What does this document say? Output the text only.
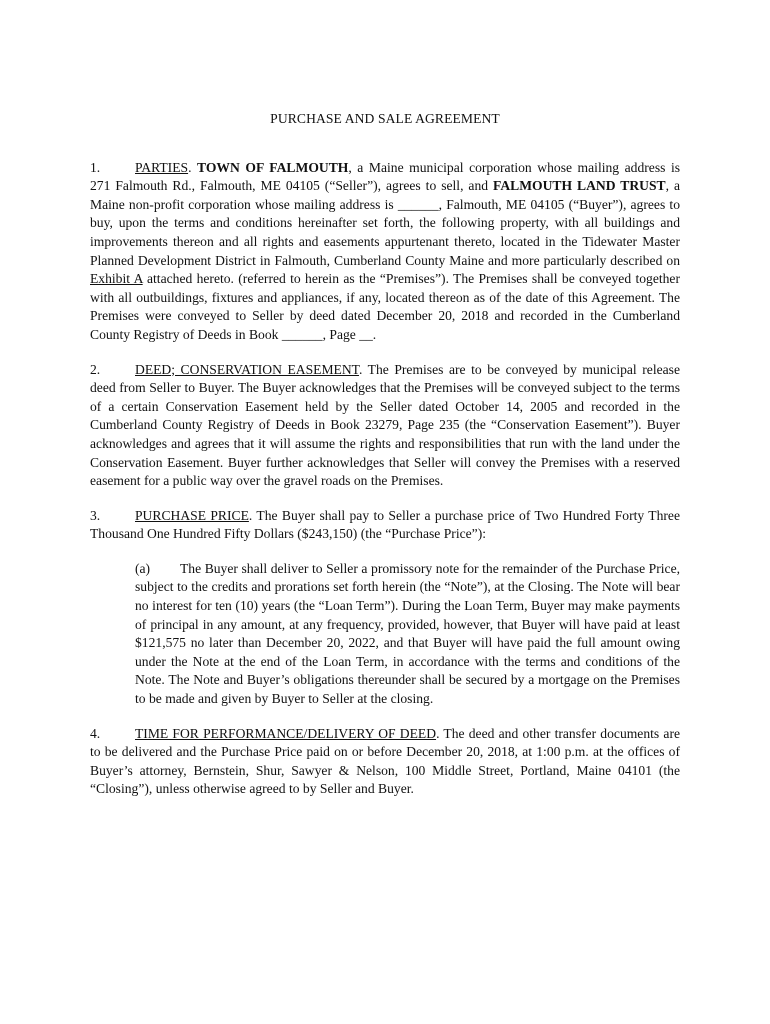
PURCHASE AND SALE AGREEMENT
1.	PARTIES. TOWN OF FALMOUTH, a Maine municipal corporation whose mailing address is 271 Falmouth Rd., Falmouth, ME 04105 (“Seller”), agrees to sell, and FALMOUTH LAND TRUST, a Maine non-profit corporation whose mailing address is ______, Falmouth, ME 04105 (“Buyer”), agrees to buy, upon the terms and conditions hereinafter set forth, the following property, with all buildings and improvements thereon and all rights and easements appurtenant thereto, located in the Tidewater Master Planned Development District in Falmouth, Cumberland County Maine and more particularly described on Exhibit A attached hereto. (referred to herein as the “Premises”). The Premises shall be conveyed together with all outbuildings, fixtures and appliances, if any, located thereon as of the date of this Agreement. The Premises were conveyed to Seller by deed dated December 20, 2018 and recorded in the Cumberland County Registry of Deeds in Book ______, Page __.
2.	DEED; CONSERVATION EASEMENT. The Premises are to be conveyed by municipal release deed from Seller to Buyer. The Buyer acknowledges that the Premises will be conveyed subject to the terms of a certain Conservation Easement held by the Seller dated October 14, 2005 and recorded in the Cumberland County Registry of Deeds in Book 23279, Page 235 (the “Conservation Easement”). Buyer acknowledges and agrees that it will assume the rights and responsibilities that run with the land under the Conservation Easement. Buyer further acknowledges that Seller will convey the Premises with a reserved easement for a public way over the gravel roads on the Premises.
3.	PURCHASE PRICE. The Buyer shall pay to Seller a purchase price of Two Hundred Forty Three Thousand One Hundred Fifty Dollars ($243,150) (the “Purchase Price”):
(a) The Buyer shall deliver to Seller a promissory note for the remainder of the Purchase Price, subject to the credits and prorations set forth herein (the “Note”), at the Closing. The Note will bear no interest for ten (10) years (the “Loan Term”). During the Loan Term, Buyer may make payments of principal in any amount, at any frequency, provided, however, that Buyer will have paid at least $121,575 no later than December 20, 2022, and that Buyer will have paid the full amount owing under the Note at the end of the Loan Term, in accordance with the terms and conditions of the Note. The Note and Buyer’s obligations thereunder shall be secured by a mortgage on the Premises to be made and given by Buyer to Seller at the closing.
4.	TIME FOR PERFORMANCE/DELIVERY OF DEED. The deed and other transfer documents are to be delivered and the Purchase Price paid on or before December 20, 2018, at 1:00 p.m. at the offices of Buyer’s attorney, Bernstein, Shur, Sawyer & Nelson, 100 Middle Street, Portland, Maine 04101 (the “Closing”), unless otherwise agreed to by Seller and Buyer.
